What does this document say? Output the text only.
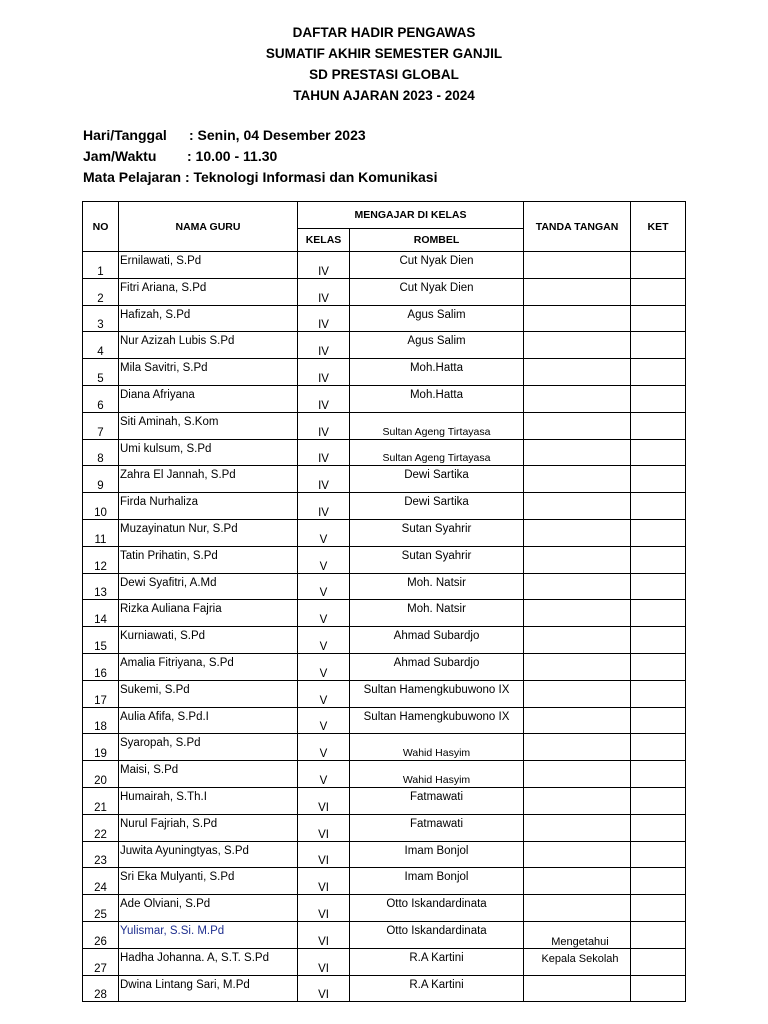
DAFTAR HADIR PENGAWAS
SUMATIF AKHIR SEMESTER GANJIL
SD PRESTASI GLOBAL
TAHUN AJARAN 2023 - 2024
Hari/Tanggal	: Senin, 04 Desember 2023
Jam/Waktu	: 10.00 - 11.30
Mata Pelajaran : Teknologi Informasi dan Komunikasi
NO	NAMA GURU	MENGAJAR DI KELAS		TANDA TANGAN	KET
		KELAS	ROMBEL		
1	Ernilawati, S.Pd	IV	Cut Nyak Dien		
2	Fitri Ariana, S.Pd	IV	Cut Nyak Dien		
3	Hafizah, S.Pd	IV	Agus Salim		
4	Nur Azizah Lubis S.Pd	IV	Agus Salim		
5	Mila Savitri, S.Pd	IV	Moh.Hatta		
6	Diana Afriyana	IV	Moh.Hatta		
7	Siti Aminah, S.Kom	IV	Sultan Ageng Tirtayasa		
8	Umi kulsum, S.Pd	IV	Sultan Ageng Tirtayasa		
9	Zahra El Jannah, S.Pd	IV	Dewi Sartika		
10	Firda Nurhaliza	IV	Dewi Sartika		
11	Muzayinatun Nur, S.Pd	V	Sutan Syahrir		
12	Tatin Prihatin, S.Pd	V	Sutan Syahrir		
13	Dewi Syafitri, A.Md	V	Moh. Natsir		
14	Rizka Auliana Fajria	V	Moh. Natsir		
15	Kurniawati, S.Pd	V	Ahmad Subardjo		
16	Amalia Fitriyana, S.Pd	V	Ahmad Subardjo		
17	Sukemi, S.Pd	V	Sultan Hamengkubuwono IX		
18	Aulia Afifa, S.Pd.I	V	Sultan Hamengkubuwono IX		
19	Syaropah, S.Pd	V	Wahid Hasyim		
20	Maisi, S.Pd	V	Wahid Hasyim		
21	Humairah, S.Th.I	VI	Fatmawati		
22	Nurul Fajriah, S.Pd	VI	Fatmawati		
23	Juwita Ayuningtyas, S.Pd	VI	Imam Bonjol		
24	Sri Eka Mulyanti, S.Pd	VI	Imam Bonjol		
25	Ade Olviani, S.Pd	VI	Otto Iskandardinata		
26	Yulismar, S.Si. M.Pd	VI	Otto Iskandardinata		
27	Hadha Johanna. A, S.T. S.Pd	VI	R.A Kartini		
28	Dwina Lintang Sari, M.Pd	VI	R.A Kartini		
Mengetahui
Kepala Sekolah
